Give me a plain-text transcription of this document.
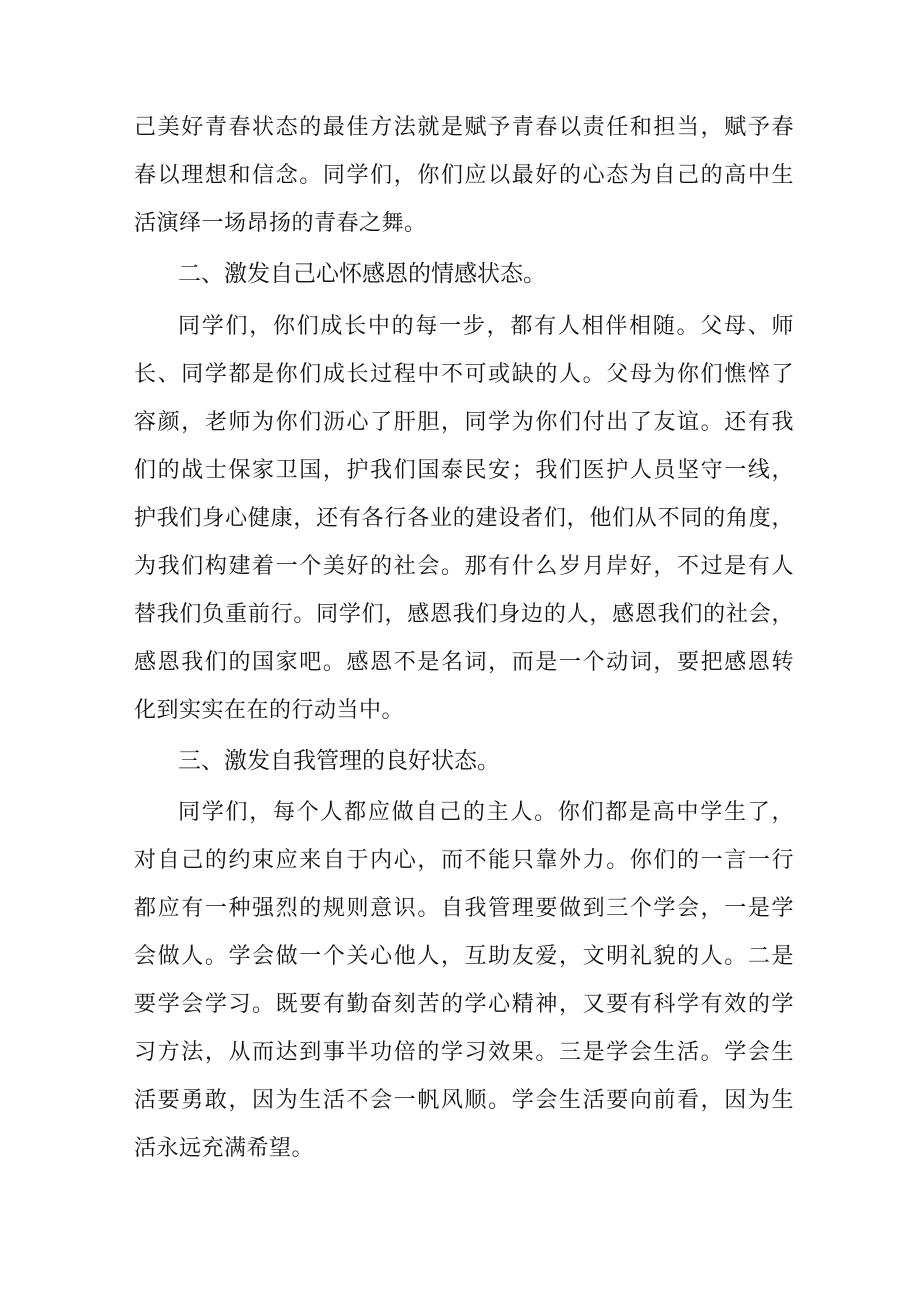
己美好青春状态的最佳方法就是赋予青春以责任和担当，赋予春
春以理想和信念。同学们，你们应以最好的心态为自己的高中生
活演绎一场昂扬的青春之舞。
二、激发自己心怀感恩的情感状态。
同学们，你们成长中的每一步，都有人相伴相随。父母、师
长、同学都是你们成长过程中不可或缺的人。父母为你们憔悴了
容颜，老师为你们沥心了肝胆，同学为你们付出了友谊。还有我
们的战士保家卫国，护我们国泰民安；我们医护人员坚守一线，
护我们身心健康，还有各行各业的建设者们，他们从不同的角度，
为我们构建着一个美好的社会。那有什么岁月岸好，不过是有人
替我们负重前行。同学们，感恩我们身边的人，感恩我们的社会，
感恩我们的国家吧。感恩不是名词，而是一个动词，要把感恩转
化到实实在在的行动当中。
三、激发自我管理的良好状态。
同学们，每个人都应做自己的主人。你们都是高中学生了，
对自己的约束应来自于内心，而不能只靠外力。你们的一言一行
都应有一种强烈的规则意识。自我管理要做到三个学会，一是学
会做人。学会做一个关心他人，互助友爱，文明礼貌的人。二是
要学会学习。既要有勤奋刻苦的学心精神，又要有科学有效的学
习方法，从而达到事半功倍的学习效果。三是学会生活。学会生
活要勇敢，因为生活不会一帆风顺。学会生活要向前看，因为生
活永远充满希望。
